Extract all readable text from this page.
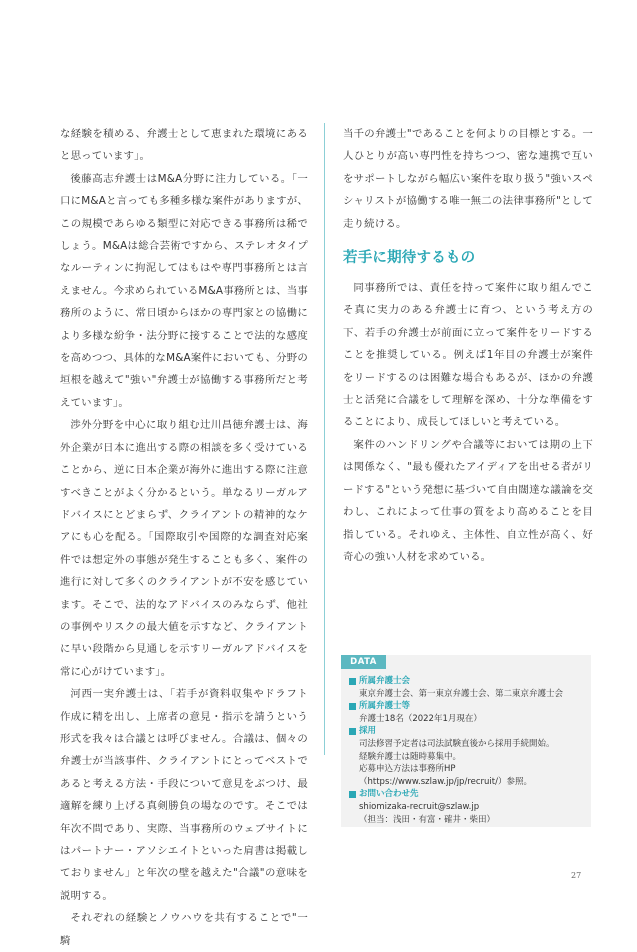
な経験を積める、弁護士として恵まれた環境にあると思っています」。

後藤高志弁護士はM&A分野に注力している。「一口にM&Aと言っても多種多様な案件がありますが、この規模であらゆる類型に対応できる事務所は稀でしょう。M&Aは総合芸術ですから、ステレオタイプなルーティンに拘泥してはもはや専門事務所とは言えません。今求められているM&A事務所とは、当事務所のように、常日頃からほかの専門家との協働により多様な紛争・法分野に接することで法的な感度を高めつつ、具体的なM&A案件においても、分野の垣根を越えて"強い"弁護士が協働する事務所だと考えています」。

渉外分野を中心に取り組む辻川昌徳弁護士は、海外企業が日本に進出する際の相談を多く受けていることから、逆に日本企業が海外に進出する際に注意すべきことがよく分かるという。単なるリーガルアドバイスにとどまらず、クライアントの精神的なケアにも心を配る。「国際取引や国際的な調査対応案件では想定外の事態が発生することも多く、案件の進行に対して多くのクライアントが不安を感じています。そこで、法的なアドバイスのみならず、他社の事例やリスクの最大値を示すなど、クライアントに早い段階から見通しを示すリーガルアドバイスを常に心がけています」。

河西一実弁護士は、「若手が資料収集やドラフト作成に精を出し、上席者の意見・指示を請うという形式を我々は合議とは呼びません。合議は、個々の弁護士が当該事件、クライアントにとってベストであると考える方法・手段について意見をぶつけ、最適解を練り上げる真剣勝負の場なのです。そこでは年次不問であり、実際、当事務所のウェブサイトにはパートナー・アソシエイトといった肩書は掲載しておりません」と年次の壁を越えた"合議"の意味を説明する。

それぞれの経験とノウハウを共有することで"一騎

当千の弁護士"であることを何よりの目標とする。一人ひとりが高い専門性を持ちつつ、密な連携で互いをサポートしながら幅広い案件を取り扱う"強いスペシャリストが協働する唯一無二の法律事務所"として走り続ける。

若手に期待するもの

同事務所では、責任を持って案件に取り組んでこそ真に実力のある弁護士に育つ、という考え方の下、若手の弁護士が前面に立って案件をリードすることを推奨している。例えば1年目の弁護士が案件をリードするのは困難な場合もあるが、ほかの弁護士と活発に合議をして理解を深め、十分な準備をすることにより、成長してほしいと考えている。

案件のハンドリングや合議等においては期の上下は関係なく、"最も優れたアイディアを出せる者がリードする"という発想に基づいて自由闊達な議論を交わし、これによって仕事の質をより高めることを目指している。それゆえ、主体性、自立性が高く、好奇心の強い人材を求めている。

DATA
所属弁護士会
東京弁護士会、第一東京弁護士会、第二東京弁護士会
所属弁護士等
弁護士18名（2022年1月現在）
採用
司法修習予定者は司法試験直後から採用手続開始。
経験弁護士は随時募集中。
応募申込方法は事務所HP（https://www.szlaw.jp/jp/recruit/）参照。
お問い合わせ先
shiomizaka-recruit@szlaw.jp
（担当：浅田・有富・確井・柴田）
27
